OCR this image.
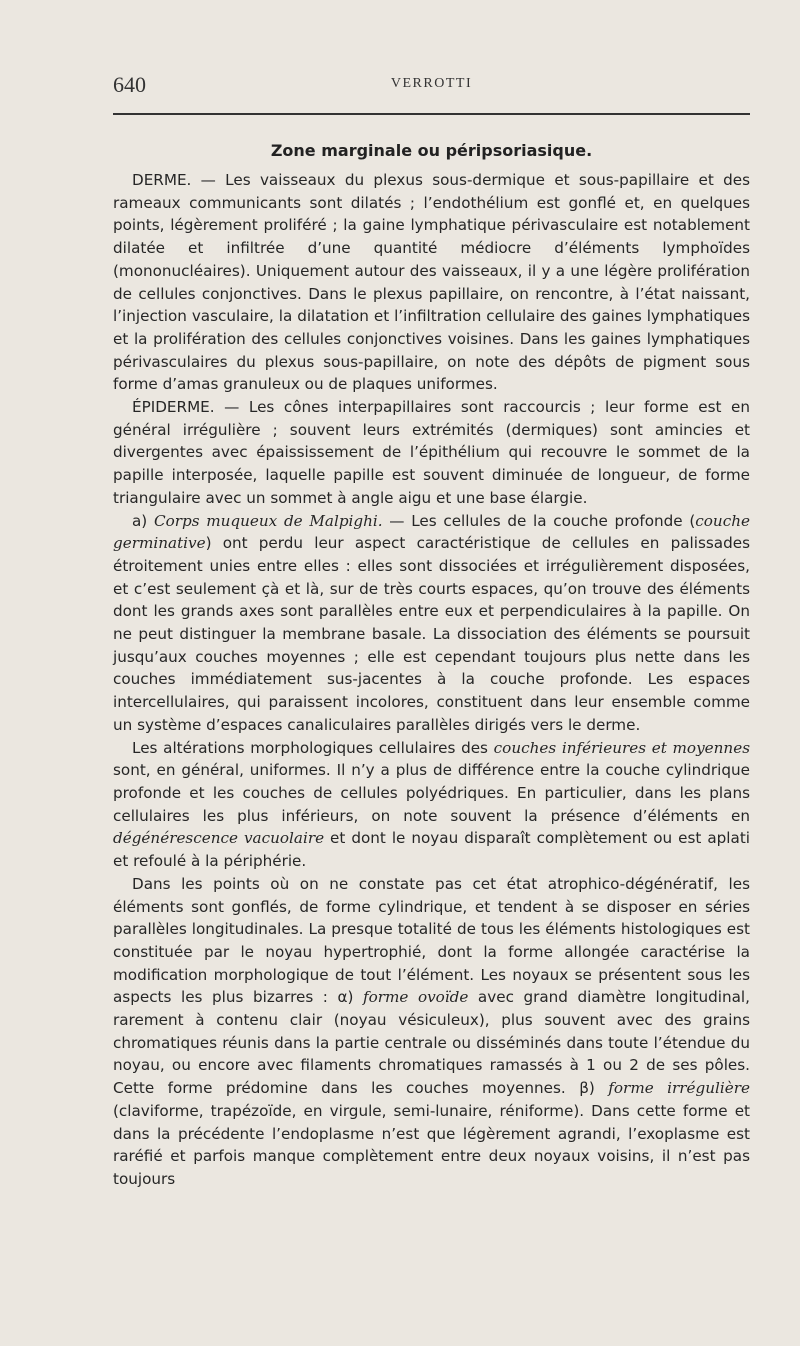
640	VERROTTI
Zone marginale ou péripsoriasique.

DERME. — Les vaisseaux du plexus sous-dermique et sous-papillaire et des rameaux communicants sont dilatés ; l’endothélium est gonflé et, en quelques points, légèrement proliféré ; la gaine lymphatique périvasculaire est notablement dilatée et infiltrée d’une quantité médiocre d’éléments lymphoïdes (mononucléaires). Uniquement autour des vaisseaux, il y a une légère prolifération de cellules conjonctives. Dans le plexus papillaire, on rencontre, à l’état naissant, l’injection vasculaire, la dilatation et l’infiltration cellulaire des gaines lymphatiques et la prolifération des cellules conjonctives voisines. Dans les gaines lymphatiques périvasculaires du plexus sous-papillaire, on note des dépôts de pigment sous forme d’amas granuleux ou de plaques uniformes.

ÉPIDERME. — Les cônes interpapillaires sont raccourcis ; leur forme est en général irrégulière ; souvent leurs extrémités (dermiques) sont amincies et divergentes avec épaississement de l’épithélium qui recouvre le sommet de la papille interposée, laquelle papille est souvent diminuée de longueur, de forme triangulaire avec un sommet à angle aigu et une base élargie.

a) Corps muqueux de Malpighi. — Les cellules de la couche profonde (couche germinative) ont perdu leur aspect caractéristique de cellules en palissades étroitement unies entre elles : elles sont dissociées et irrégulièrement disposées, et c’est seulement çà et là, sur de très courts espaces, qu’on trouve des éléments dont les grands axes sont parallèles entre eux et perpendiculaires à la papille. On ne peut distinguer la membrane basale. La dissociation des éléments se poursuit jusqu’aux couches moyennes ; elle est cependant toujours plus nette dans les couches immédiatement sus-jacentes à la couche profonde. Les espaces intercellulaires, qui paraissent incolores, constituent dans leur ensemble comme un système d’espaces canaliculaires parallèles dirigés vers le derme.

Les altérations morphologiques cellulaires des couches inférieures et moyennes sont, en général, uniformes. Il n’y a plus de différence entre la couche cylindrique profonde et les couches de cellules polyédriques. En particulier, dans les plans cellulaires les plus inférieurs, on note souvent la présence d’éléments en dégénérescence vacuolaire et dont le noyau disparaît complètement ou est aplati et refoulé à la périphérie.

Dans les points où on ne constate pas cet état atrophico-dégénératif, les éléments sont gonflés, de forme cylindrique, et tendent à se disposer en séries parallèles longitudinales. La presque totalité de tous les éléments histologiques est constituée par le noyau hypertrophié, dont la forme allongée caractérise la modification morphologique de tout l’élément. Les noyaux se présentent sous les aspects les plus bizarres : α) forme ovoïde avec grand diamètre longitudinal, rarement à contenu clair (noyau vésiculeux), plus souvent avec des grains chromatiques réunis dans la partie centrale ou disséminés dans toute l’étendue du noyau, ou encore avec filaments chromatiques ramassés à 1 ou 2 de ses pôles. Cette forme prédomine dans les couches moyennes. β) forme irrégulière (claviforme, trapézoïde, en virgule, semi-lunaire, réniforme). Dans cette forme et dans la précédente l’endoplasme n’est que légèrement agrandi, l’exoplasme est raréfié et parfois manque complètement entre deux noyaux voisins, il n’est pas toujours
